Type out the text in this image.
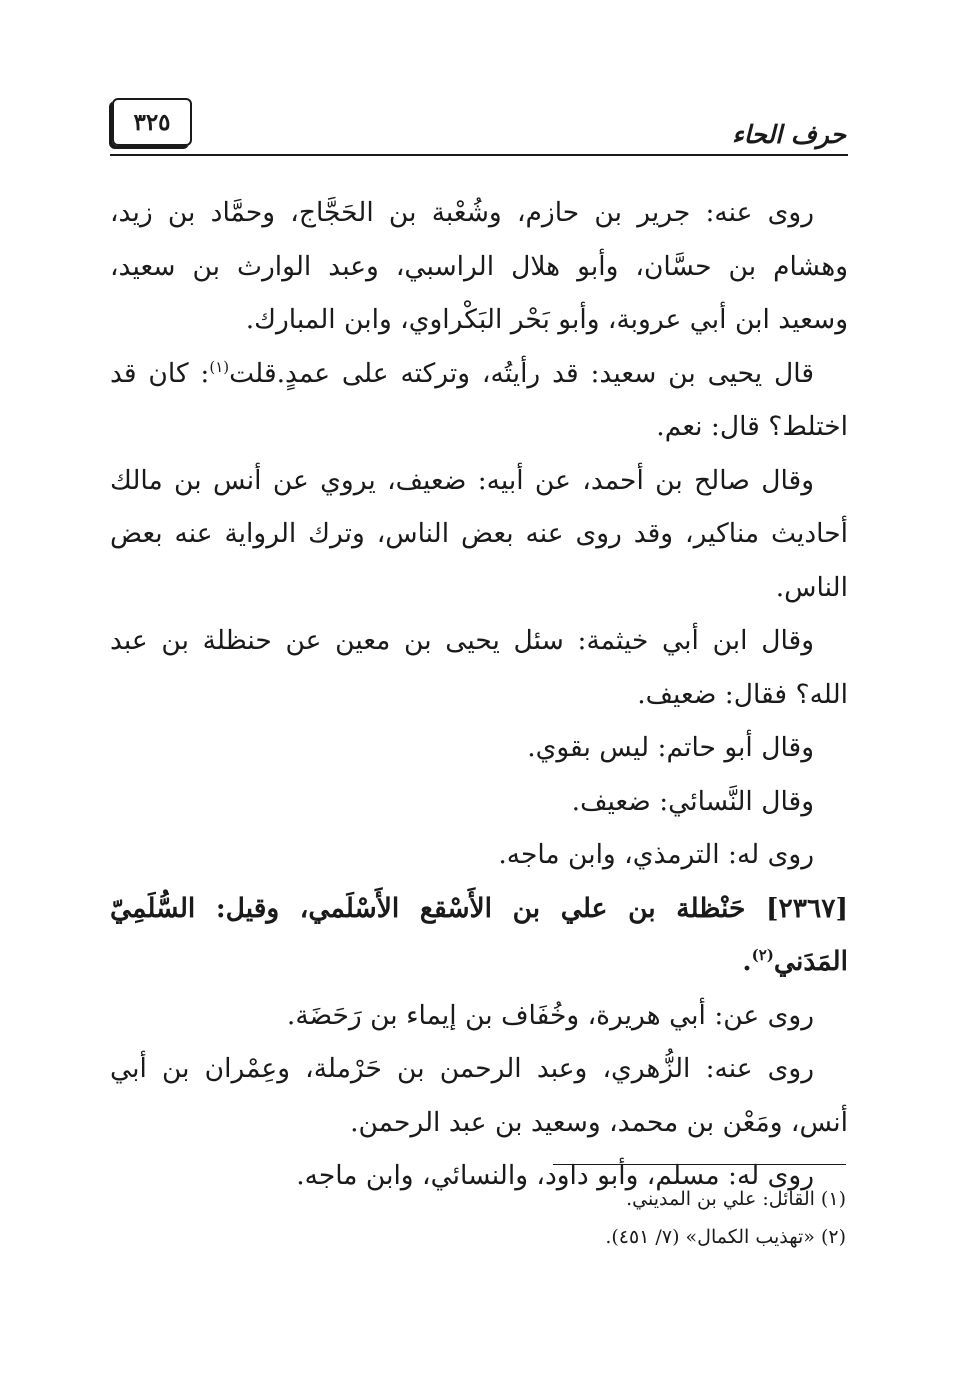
حرف الحاء
٣٢٥

روى عنه: جرير بن حازم، وشُعْبة بن الحَجَّاج، وحمَّاد بن زيد، وهشام بن حسَّان، وأبو هلال الراسبي، وعبد الوارث بن سعيد، وسعيد ابن أبي عروبة، وأبو بَحْر البَكْراوي، وابن المبارك.

قال يحيى بن سعيد: قد رأيتُه، وتركته على عمدٍ.قلت$^{(١)}$: كان قد اختلط؟ قال: نعم.

وقال صالح بن أحمد، عن أبيه: ضعيف، يروي عن أنس بن مالك أحاديث مناكير، وقد روى عنه بعض الناس، وترك الرواية عنه بعض الناس.

وقال ابن أبي خيثمة: سئل يحيى بن معين عن حنظلة بن عبد الله؟ فقال: ضعيف.

وقال أبو حاتم: ليس بقوي.

وقال النَّسائي: ضعيف.

روى له: الترمذي، وابن ماجه.

[٢٣٦٧] حَنْظلة بن علي بن الأَسْقع الأَسْلَمي، وقيل: السُّلَمِيّ المَدَني$^{(٢)}$.

روى عن: أبي هريرة، وخُفَاف بن إيماء بن رَحَضَة.

روى عنه: الزُّهري، وعبد الرحمن بن حَرْملة، وعِمْران بن أبي أنس، ومَعْن بن محمد، وسعيد بن عبد الرحمن.

روى له: مسلم، وأبو داود، والنسائي، وابن ماجه.

(١) القائل: علي بن المديني.

(٢) «تهذيب الكمال» (٧/ ٤٥١).
